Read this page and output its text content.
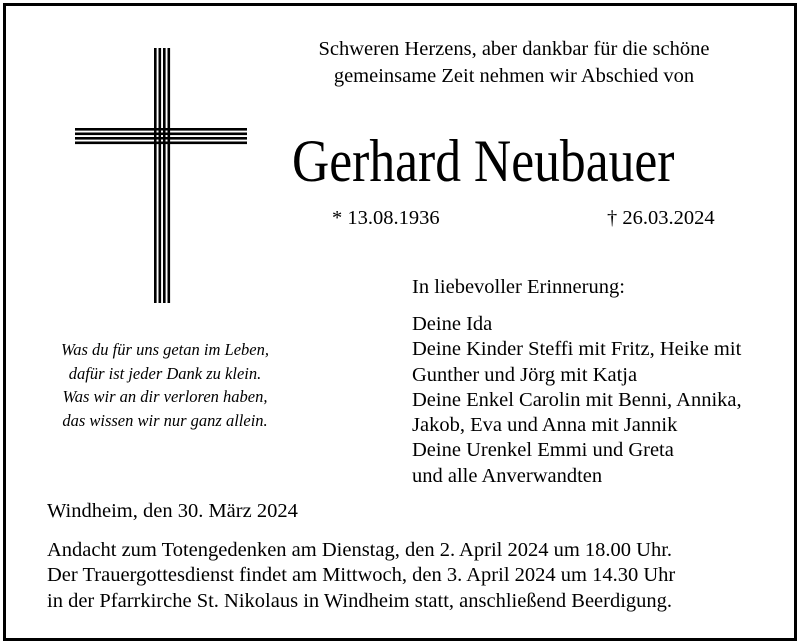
Schweren Herzens, aber dankbar für die schöne
gemeinsame Zeit nehmen wir Abschied von
Gerhard Neubauer
* 13.08.1936	† 26.03.2024
In liebevoller Erinnerung:
Deine Ida
Deine Kinder Steffi mit Fritz, Heike mit
Gunther und Jörg mit Katja
Deine Enkel Carolin mit Benni, Annika,
Jakob, Eva und Anna mit Jannik
Deine Urenkel Emmi und Greta
und alle Anverwandten
Was du für uns getan im Leben,
dafür ist jeder Dank zu klein.
Was wir an dir verloren haben,
das wissen wir nur ganz allein.
Windheim, den 30. März 2024
Andacht zum Totengedenken am Dienstag, den 2. April 2024 um 18.00 Uhr.
Der Trauergottesdienst findet am Mittwoch, den 3. April 2024 um 14.30 Uhr
in der Pfarrkirche St. Nikolaus in Windheim statt, anschließend Beerdigung.
